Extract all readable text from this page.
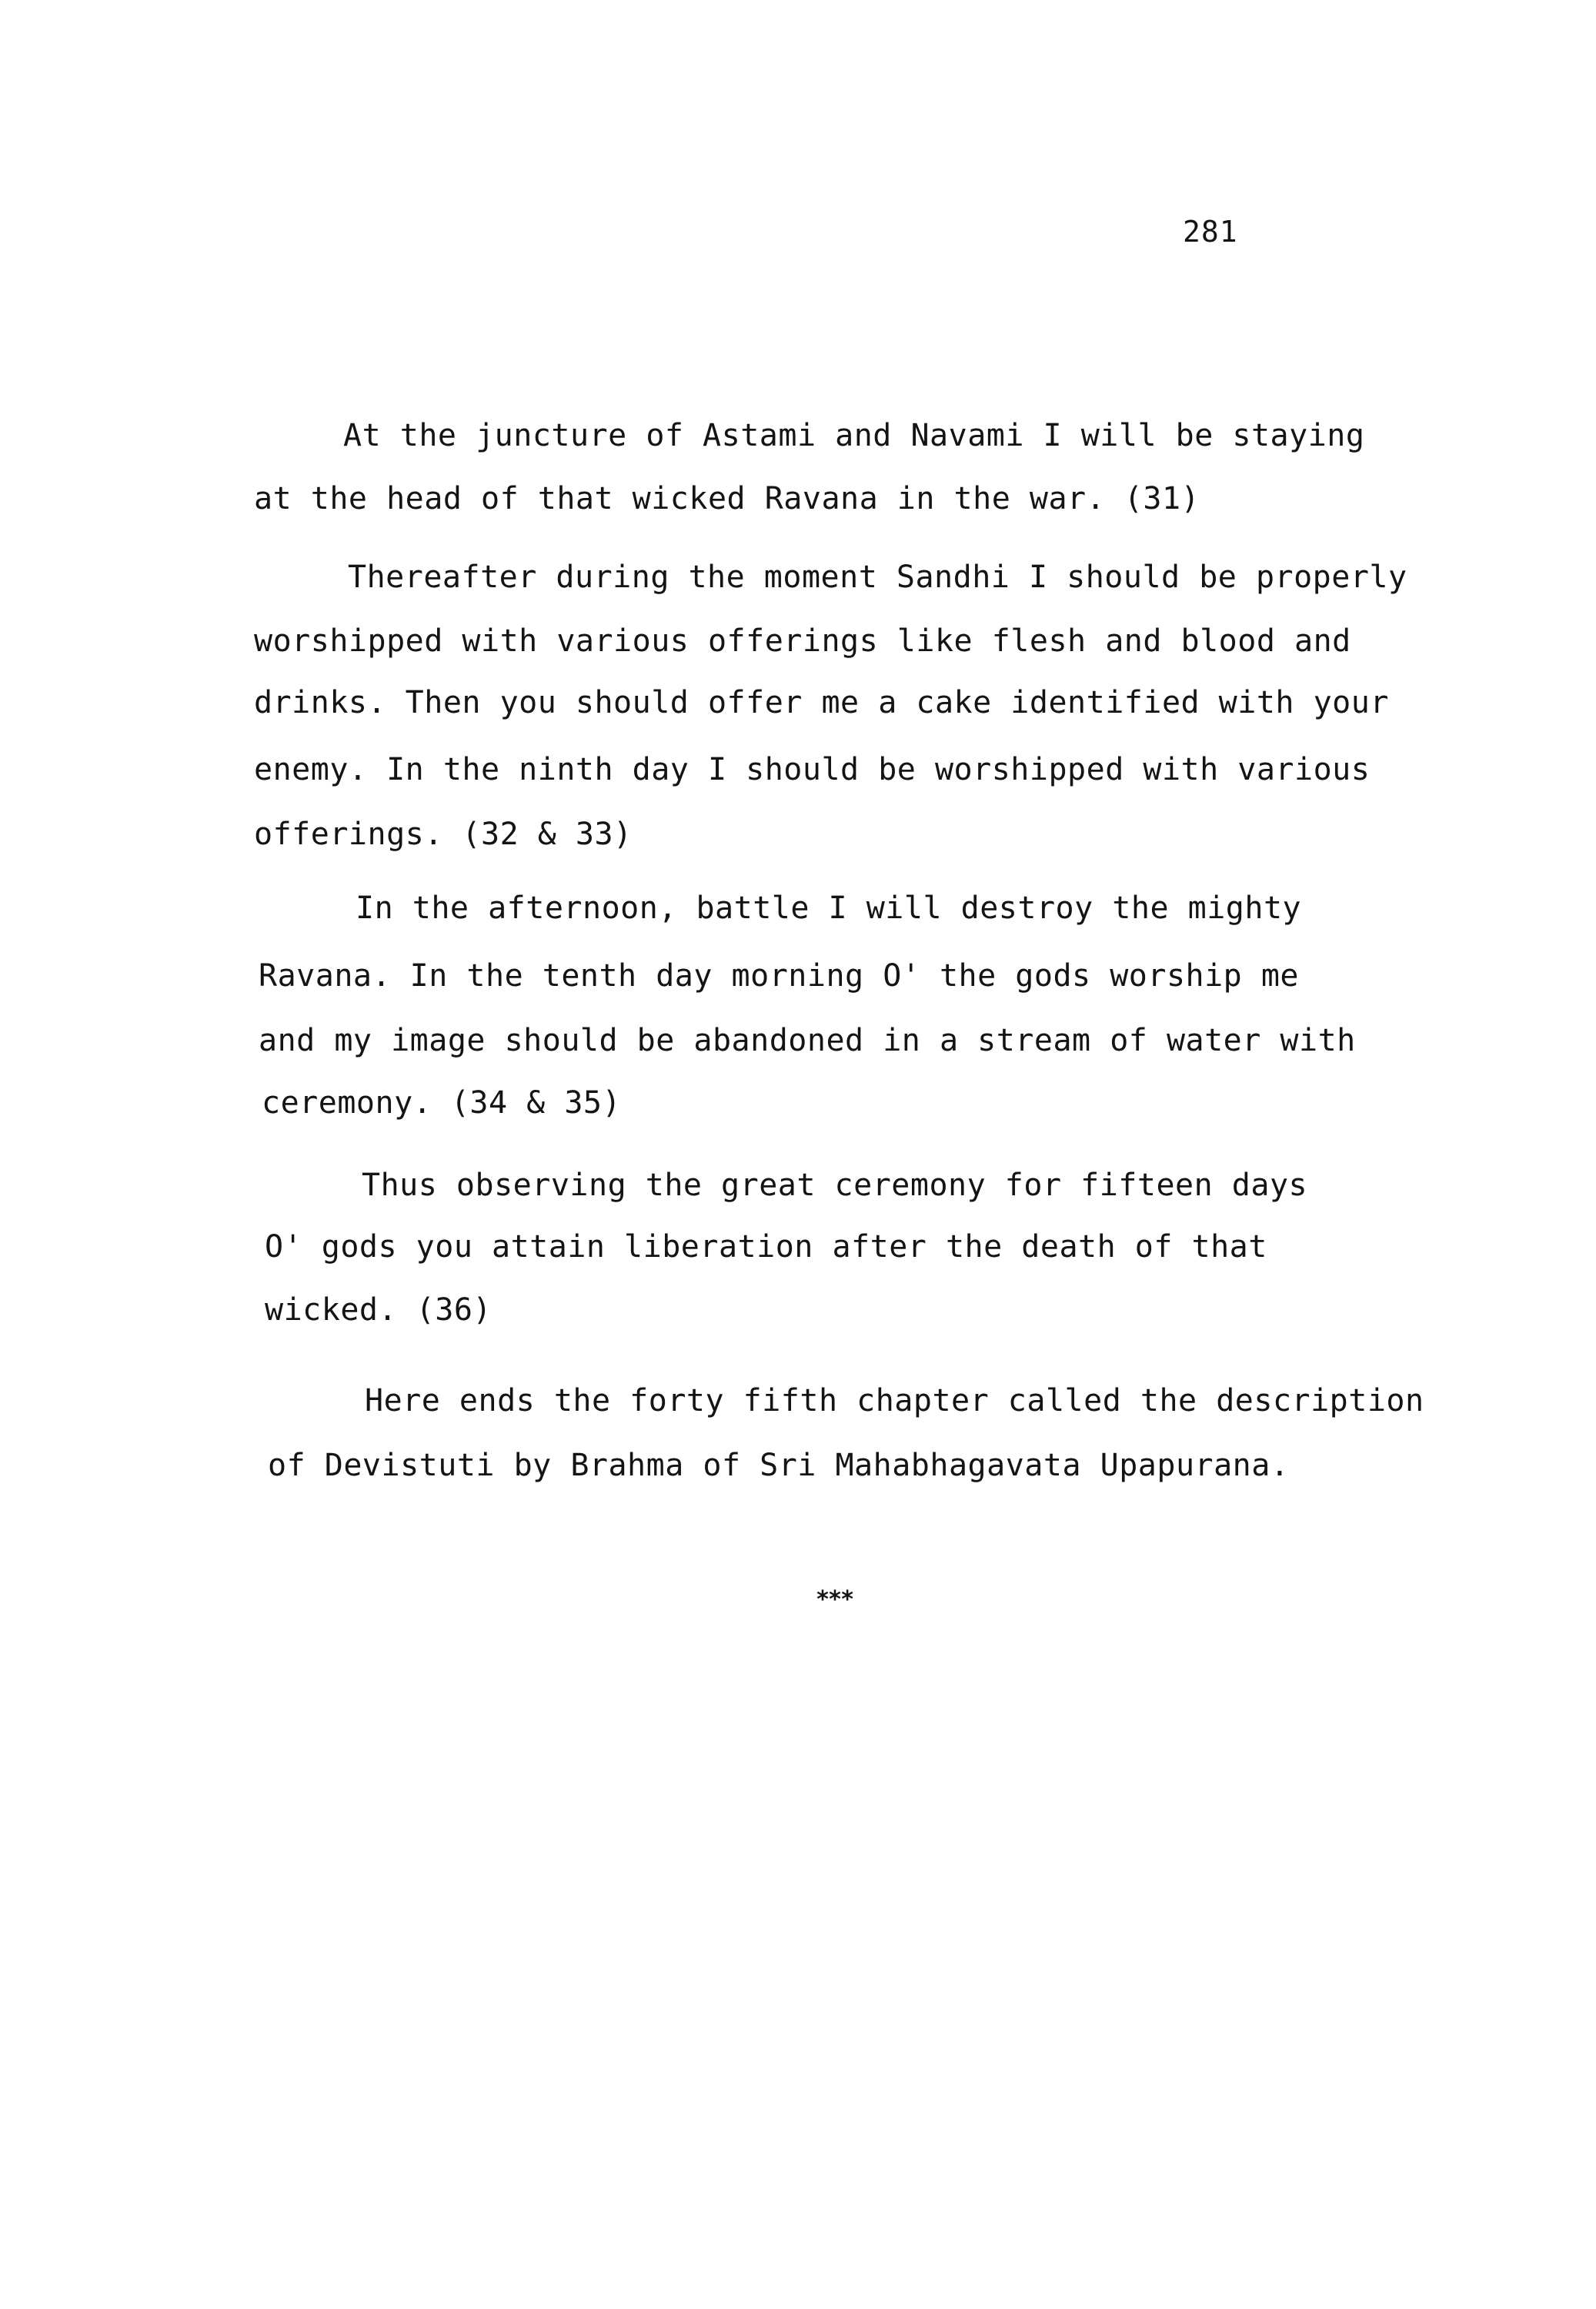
281
At the juncture of Astami and Navami I will be staying
at the head of that wicked Ravana in the war. (31)
Thereafter during the moment Sandhi I should be properly
worshipped with various offerings like flesh and blood and
drinks. Then you should offer me a cake identified with your
enemy. In the ninth day I should be worshipped with various
offerings. (32 & 33)
In the afternoon, battle I will destroy the mighty
Ravana. In the tenth day morning O' the gods worship me
and my image should be abandoned in a stream of water with
ceremony. (34 & 35)
Thus observing the great ceremony for fifteen days
O' gods you attain liberation after the death of that
wicked. (36)
Here ends the forty fifth chapter called the description
of Devistuti by Brahma of Sri Mahabhagavata Upapurana.
***
